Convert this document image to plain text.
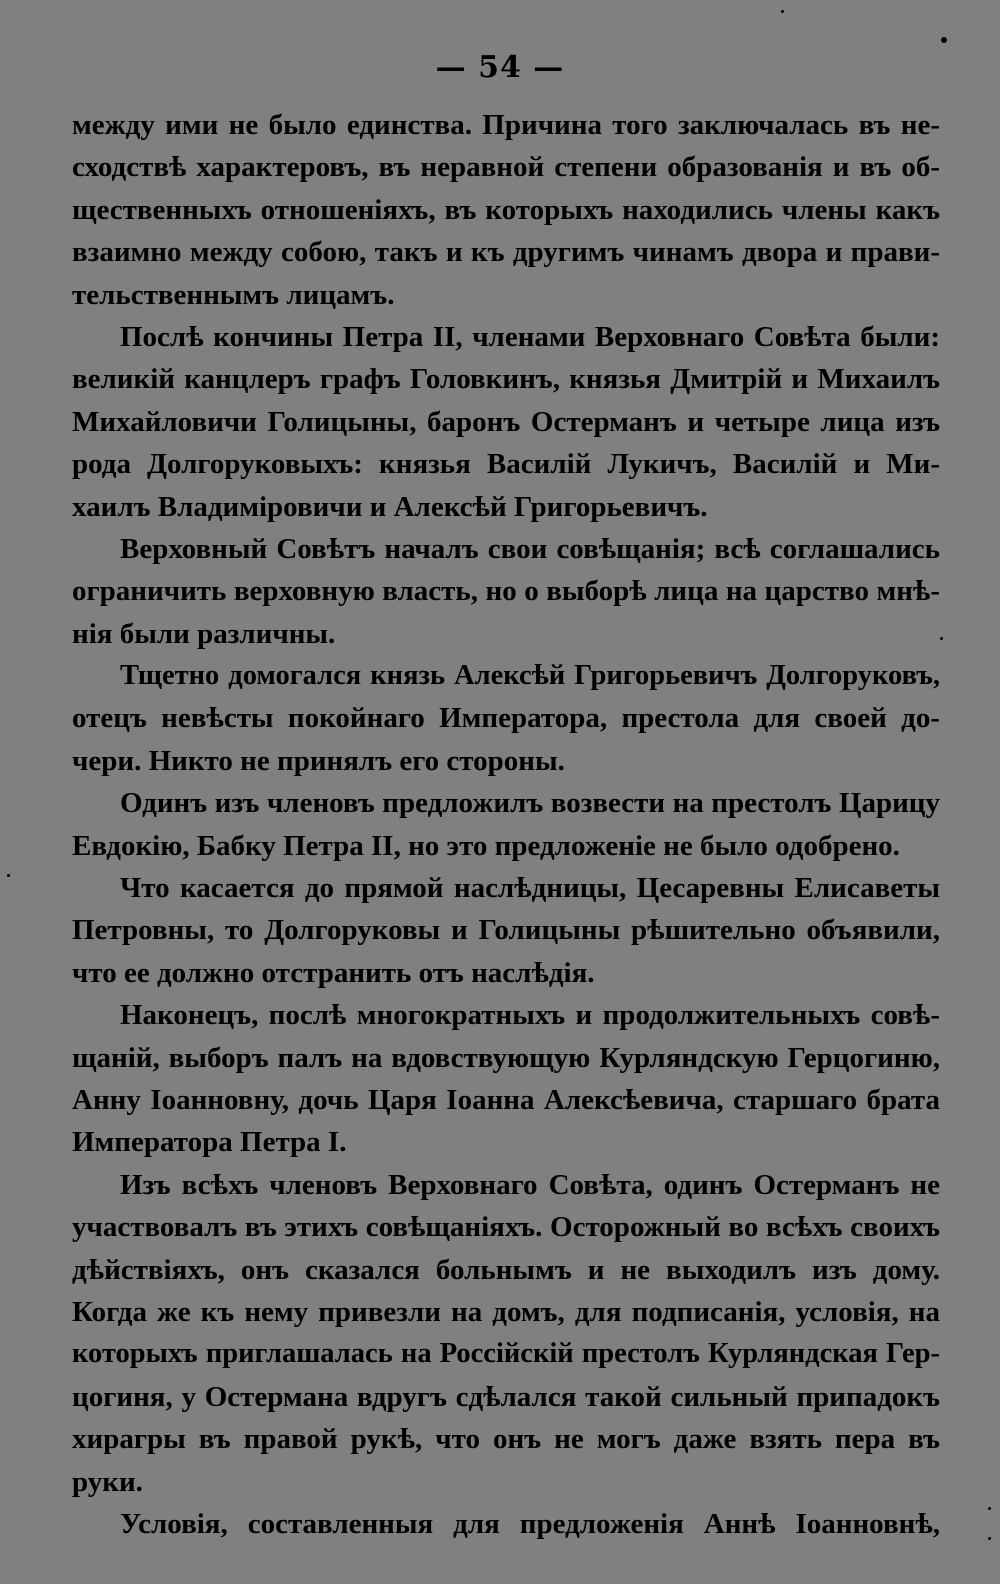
— 54 —
между ими не было единства. Причина того заключалась въ не-
сходствѣ характеровъ, въ неравной степени образованія и въ об-
щественныхъ отношеніяхъ, въ которыхъ находились члены какъ
взаимно между собою, такъ и къ другимъ чинамъ двора и прави-
тельственнымъ лицамъ.
Послѣ кончины Петра II, членами Верховнаго Совѣта были:
великій канцлеръ графъ Головкинъ, князья Дмитрій и Михаилъ
Михайловичи Голицыны, баронъ Остерманъ и четыре лица изъ
рода Долгоруковыхъ: князья Василій Лукичъ, Василій и Ми-
хаилъ Владиміровичи и Алексѣй Григорьевичъ.
Верховный Совѣтъ началъ свои совѣщанія; всѣ соглашались
ограничить верховную власть, но о выборѣ лица на царство мнѣ-
нія были различны.
Тщетно домогался князь Алексѣй Григорьевичъ Долгоруковъ,
отецъ невѣсты покойнаго Императора, престола для своей до-
чери. Никто не принялъ его стороны.
Одинъ изъ членовъ предложилъ возвести на престолъ Царицу
Евдокію, Бабку Петра II, но это предложеніе не было одобрено.
Что касается до прямой наслѣдницы, Цесаревны Елисаветы
Петровны, то Долгоруковы и Голицыны рѣшительно объявили,
что ее должно отстранить отъ наслѣдія.
Наконецъ, послѣ многократныхъ и продолжительныхъ совѣ-
щаній, выборъ палъ на вдовствующую Курляндскую Герцогиню,
Анну Іоанновну, дочь Царя Іоанна Алексѣевича, старшаго брата
Императора Петра I.
Изъ всѣхъ членовъ Верховнаго Совѣта, одинъ Остерманъ не
участвовалъ въ этихъ совѣщаніяхъ. Осторожный во всѣхъ своихъ
дѣйствіяхъ, онъ сказался больнымъ и не выходилъ изъ дому.
Когда же къ нему привезли на домъ, для подписанія, условія, на
которыхъ приглашалась на Россійскій престолъ Курляндская Гер-
цогиня, у Остермана вдругъ сдѣлался такой сильный припадокъ
хирагры въ правой рукѣ, что онъ не могъ даже взять пера въ
руки.
Условія, составленныя для предложенія Аннѣ Іоанновнѣ,
